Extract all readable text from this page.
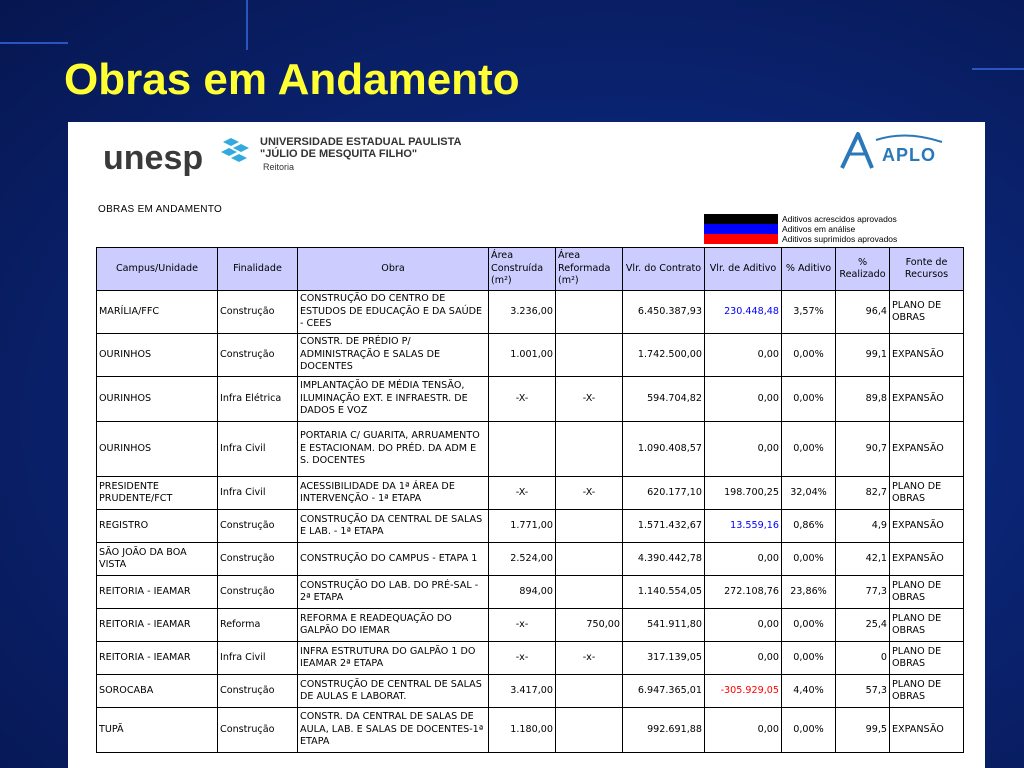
Obras em Andamento
unesp	UNIVERSIDADE ESTADUAL PAULISTA
"JÚLIO DE MESQUITA FILHO"
Reitoria
APLO
OBRAS EM ANDAMENTO
Aditivos acrescidos aprovados
Aditivos em análise
Aditivos suprimidos aprovados
Campus/Unidade	Finalidade	Obra	Área Construída (m²)	Área Reformada (m²)	Vlr. do Contrato	Vlr. de Aditivo	% Aditivo	% Realizado	Fonte de Recursos
MARÍLIA/FFC	Construção	CONSTRUÇÃO DO CENTRO DE ESTUDOS DE EDUCAÇÃO E DA SAÚDE - CEES	3.236,00		6.450.387,93	230.448,48	3,57%	96,4	PLANO DE OBRAS
OURINHOS	Construção	CONSTR. DE PRÉDIO P/ ADMINISTRAÇÃO E SALAS DE DOCENTES	1.001,00		1.742.500,00	0,00	0,00%	99,1	EXPANSÃO
OURINHOS	Infra Elétrica	IMPLANTAÇÃO DE MÉDIA TENSÃO, ILUMINAÇÃO EXT. E INFRAESTR. DE DADOS E VOZ	-X-	-X-	594.704,82	0,00	0,00%	89,8	EXPANSÃO
OURINHOS	Infra Civil	PORTARIA C/ GUARITA, ARRUAMENTO E ESTACIONAM. DO PRÉD. DA ADM E S. DOCENTES			1.090.408,57	0,00	0,00%	90,7	EXPANSÃO
PRESIDENTE PRUDENTE/FCT	Infra Civil	ACESSIBILIDADE DA 1ª ÁREA DE INTERVENÇÃO - 1ª ETAPA	-X-	-X-	620.177,10	198.700,25	32,04%	82,7	PLANO DE OBRAS
REGISTRO	Construção	CONSTRUÇÃO DA CENTRAL DE SALAS E LAB. - 1ª ETAPA	1.771,00		1.571.432,67	13.559,16	0,86%	4,9	EXPANSÃO
SÃO JOÃO DA BOA VISTA	Construção	CONSTRUÇÃO DO CAMPUS - ETAPA 1	2.524,00		4.390.442,78	0,00	0,00%	42,1	EXPANSÃO
REITORIA - IEAMAR	Construção	CONSTRUÇÃO DO LAB. DO PRÉ-SAL - 2ª ETAPA	894,00		1.140.554,05	272.108,76	23,86%	77,3	PLANO DE OBRAS
REITORIA - IEAMAR	Reforma	REFORMA E READEQUAÇÃO DO GALPÃO DO IEMAR	-x-	750,00	541.911,80	0,00	0,00%	25,4	PLANO DE OBRAS
REITORIA - IEAMAR	Infra Civil	INFRA ESTRUTURA DO GALPÃO 1 DO IEAMAR 2ª ETAPA	-x-	-x-	317.139,05	0,00	0,00%	0	PLANO DE OBRAS
SOROCABA	Construção	CONSTRUÇÃO DE CENTRAL DE SALAS DE AULAS E LABORAT.	3.417,00		6.947.365,01	-305.929,05	4,40%	57,3	PLANO DE OBRAS
TUPÃ	Construção	CONSTR. DA CENTRAL DE SALAS DE AULA, LAB. E SALAS DE DOCENTES-1ª ETAPA	1.180,00		992.691,88	0,00	0,00%	99,5	EXPANSÃO
